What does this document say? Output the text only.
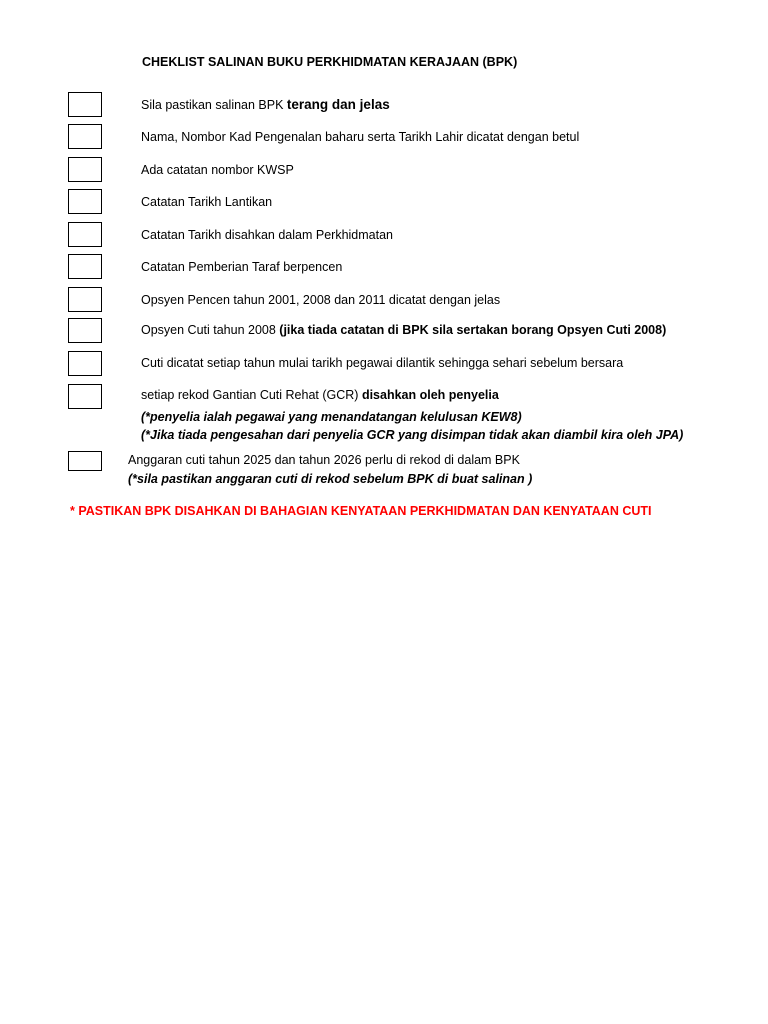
CHEKLIST SALINAN BUKU PERKHIDMATAN KERAJAAN (BPK)
Sila pastikan salinan BPK terang dan jelas
Nama, Nombor Kad Pengenalan baharu serta Tarikh Lahir dicatat dengan betul
Ada catatan nombor KWSP
Catatan Tarikh Lantikan
Catatan Tarikh disahkan dalam Perkhidmatan
Catatan Pemberian Taraf berpencen
Opsyen Pencen tahun 2001, 2008 dan 2011 dicatat dengan jelas
Opsyen Cuti tahun 2008 (jika tiada catatan di BPK sila sertakan borang Opsyen Cuti 2008)
Cuti dicatat setiap tahun mulai tarikh pegawai dilantik sehingga sehari sebelum bersara
setiap rekod Gantian Cuti Rehat (GCR) disahkan oleh penyelia
(*penyelia ialah pegawai yang menandatangan kelulusan KEW8)
(*Jika tiada pengesahan dari penyelia GCR yang disimpan tidak akan diambil kira oleh JPA)
Anggaran cuti tahun 2025 dan tahun 2026 perlu di rekod di dalam BPK
(*sila pastikan anggaran cuti di rekod sebelum BPK di buat salinan )
* PASTIKAN BPK DISAHKAN DI BAHAGIAN KENYATAAN PERKHIDMATAN DAN KENYATAAN CUTI
